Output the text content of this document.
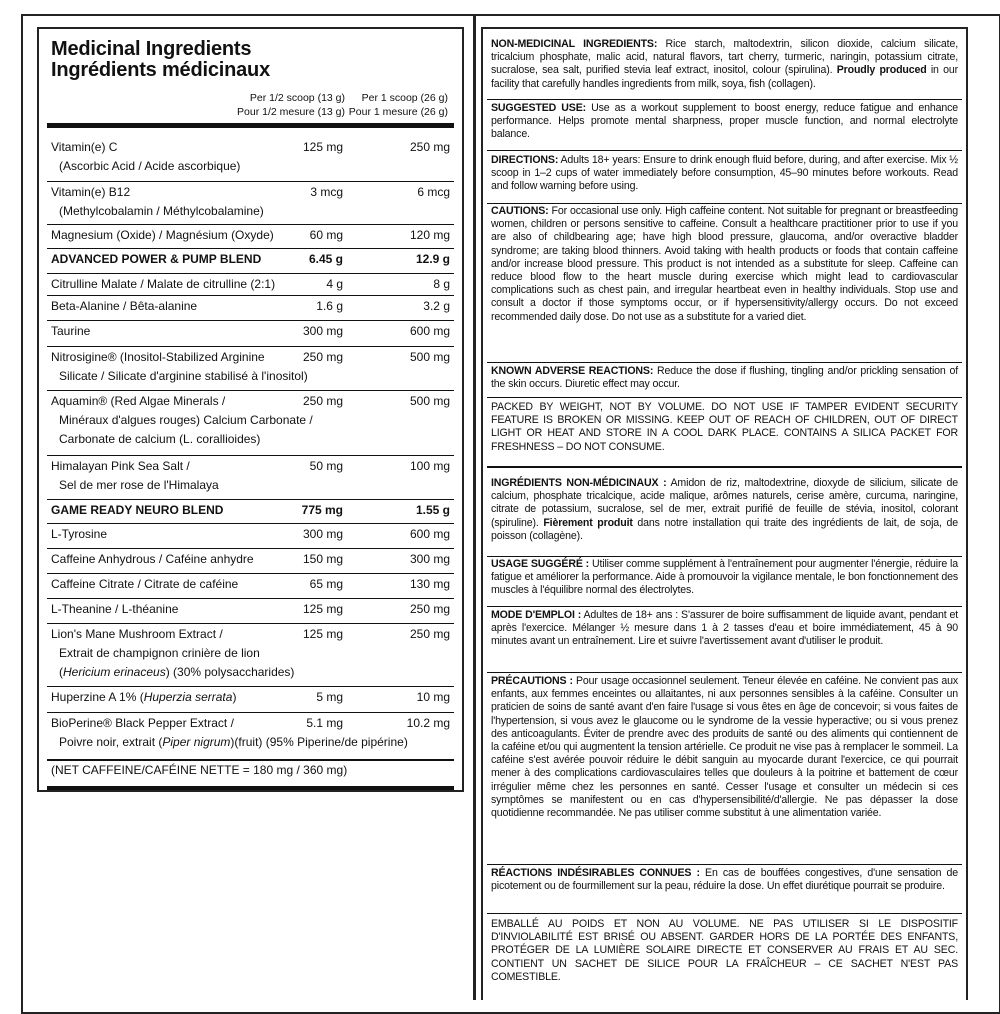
Medicinal Ingredients
Ingrédients médicinaux
Per 1/2 scoop (13 g)
Pour 1/2 mesure (13 g)
Per 1 scoop (26 g)
Pour 1 mesure (26 g)
Vitamin(e) C
(Ascorbic Acid / Acide ascorbique)
125 mg	250 mg
Vitamin(e) B12
(Methylcobalamin / Méthylcobalamine)
3 mcg	6 mcg
Magnesium (Oxide) / Magnésium (Oxyde)	60 mg	120 mg
ADVANCED POWER & PUMP BLEND	6.45 g	12.9 g
Citrulline Malate / Malate de citrulline (2:1)	4 g	8 g
Beta-Alanine / Bêta-alanine	1.6 g	3.2 g
Taurine	300 mg	600 mg
Nitrosigine® (Inositol-Stabilized Arginine
Silicate / Silicate d'arginine stabilisé à l'inositol)
250 mg	500 mg
Aquamin® (Red Algae Minerals /
Minéraux d'algues rouges) Calcium Carbonate /
Carbonate de calcium (L. corallioides)
250 mg	500 mg
Himalayan Pink Sea Salt /
Sel de mer rose de l'Himalaya
50 mg	100 mg
GAME READY NEURO BLEND	775 mg	1.55 g
L-Tyrosine	300 mg	600 mg
Caffeine Anhydrous / Caféine anhydre	150 mg	300 mg
Caffeine Citrate / Citrate de caféine	65 mg	130 mg
L-Theanine / L-théanine	125 mg	250 mg
Lion's Mane Mushroom Extract /
Extrait de champignon crinière de lion
(Hericium erinaceus) (30% polysaccharides)
125 mg	250 mg
Huperzine A 1% (Huperzia serrata)	5 mg	10 mg
BioPerine® Black Pepper Extract /
Poivre noir, extrait (Piper nigrum)(fruit) (95% Piperine/de pipérine)
5.1 mg	10.2 mg
(NET CAFFEINE/CAFÉINE NETTE = 180 mg / 360 mg)

NON-MEDICINAL INGREDIENTS: Rice starch, maltodextrin, silicon dioxide, calcium silicate, tricalcium phosphate, malic acid, natural flavors, tart cherry, turmeric, naringin, potassium citrate, sucralose, sea salt, purified stevia leaf extract, inositol, colour (spirulina). Proudly produced in our facility that carefully handles ingredients from milk, soya, fish (collagen).

SUGGESTED USE: Use as a workout supplement to boost energy, reduce fatigue and enhance performance. Helps promote mental sharpness, proper muscle function, and normal electrolyte balance.

DIRECTIONS: Adults 18+ years: Ensure to drink enough fluid before, during, and after exercise. Mix ½ scoop in 1–2 cups of water immediately before consumption, 45–90 minutes before workouts. Read and follow warning before using.

CAUTIONS: For occasional use only. High caffeine content. Not suitable for pregnant or breastfeeding women, children or persons sensitive to caffeine. Consult a healthcare practitioner prior to use if you are also of childbearing age; have high blood pressure, glaucoma, and/or overactive bladder syndrome; are taking blood thinners. Avoid taking with health products or foods that contain caffeine and/or increase blood pressure. This product is not intended as a substitute for sleep. Caffeine can reduce blood flow to the heart muscle during exercise which might lead to cardiovascular complications such as chest pain, and irregular heartbeat even in healthy individuals. Stop use and consult a doctor if those symptoms occur, or if hypersensitivity/allergy occurs. Do not exceed recommended daily dose. Do not use as a substitute for a varied diet.

KNOWN ADVERSE REACTIONS: Reduce the dose if flushing, tingling and/or prickling sensation of the skin occurs. Diuretic effect may occur.

PACKED BY WEIGHT, NOT BY VOLUME. DO NOT USE IF TAMPER EVIDENT SECURITY FEATURE IS BROKEN OR MISSING. KEEP OUT OF REACH OF CHILDREN, OUT OF DIRECT LIGHT OR HEAT AND STORE IN A COOL DARK PLACE. CONTAINS A SILICA PACKET FOR FRESHNESS – DO NOT CONSUME.

INGRÉDIENTS NON-MÉDICINAUX : Amidon de riz, maltodextrine, dioxyde de silicium, silicate de calcium, phosphate tricalcique, acide malique, arômes naturels, cerise amère, curcuma, naringine, citrate de potassium, sucralose, sel de mer, extrait purifié de feuille de stévia, inositol, colorant (spiruline). Fièrement produit dans notre installation qui traite des ingrédients de lait, de soja, de poisson (collagène).

USAGE SUGGÉRÉ : Utiliser comme supplément à l'entraînement pour augmenter l'énergie, réduire la fatigue et améliorer la performance. Aide à promouvoir la vigilance mentale, le bon fonctionnement des muscles à l'équilibre normal des électrolytes.

MODE D'EMPLOI : Adultes de 18+ ans : S'assurer de boire suffisamment de liquide avant, pendant et après l'exercice. Mélanger ½ mesure dans 1 à 2 tasses d'eau et boire immédiatement, 45 à 90 minutes avant un entraînement. Lire et suivre l'avertissement avant d'utiliser le produit.

PRÉCAUTIONS : Pour usage occasionnel seulement. Teneur élevée en caféine. Ne convient pas aux enfants, aux femmes enceintes ou allaitantes, ni aux personnes sensibles à la caféine. Consulter un praticien de soins de santé avant d'en faire l'usage si vous êtes en âge de concevoir; si vous faites de l'hypertension, si vous avez le glaucome ou le syndrome de la vessie hyperactive; ou si vous prenez des anticoagulants. Éviter de prendre avec des produits de santé ou des aliments qui contiennent de la caféine et/ou qui augmentent la tension artérielle. Ce produit ne vise pas à remplacer le sommeil. La caféine s'est avérée pouvoir réduire le débit sanguin au myocarde durant l'exercice, ce qui pourrait mener à des complications cardiovasculaires telles que douleurs à la poitrine et battement de cœur irrégulier même chez les personnes en santé. Cesser l'usage et consulter un médecin si ces symptômes se manifestent ou en cas d'hypersensibilité/d'allergie. Ne pas dépasser la dose quotidienne recommandée. Ne pas utiliser comme substitut à une alimentation variée.

RÉACTIONS INDÉSIRABLES CONNUES : En cas de bouffées congestives, d'une sensation de picotement ou de fourmillement sur la peau, réduire la dose. Un effet diurétique pourrait se produire.

EMBALLÉ AU POIDS ET NON AU VOLUME. NE PAS UTILISER SI LE DISPOSITIF D'INVIOLABILITÉ EST BRISÉ OU ABSENT. GARDER HORS DE LA PORTÉE DES ENFANTS, PROTÉGER DE LA LUMIÈRE SOLAIRE DIRECTE ET CONSERVER AU FRAIS ET AU SEC. CONTIENT UN SACHET DE SILICE POUR LA FRAÎCHEUR – CE SACHET N'EST PAS COMESTIBLE.
